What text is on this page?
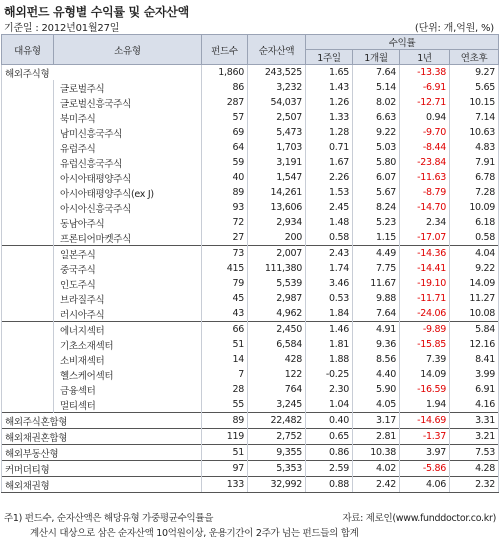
해외펀드 유형별 수익률 및 순자산액
기준일 : 2012년01월27일	(단위: 개,억원, %)
대유형	소유형	펀드수	순자산액	수익률			
				1주일	1개월	1년	연초후
해외주식형		1,860	243,525	1.65	7.64	-13.38	9.27
	글로벌주식	86	3,232	1.43	5.14	-6.91	5.65
	글로벌신흥국주식	287	54,037	1.26	8.02	-12.71	10.15
	북미주식	57	2,507	1.33	6.63	0.94	7.14
	남미신흥국주식	69	5,473	1.28	9.22	-9.70	10.63
	유럽주식	64	1,703	0.71	5.03	-8.44	4.83
	유럽신흥국주식	59	3,191	1.67	5.80	-23.84	7.91
	아시아태평양주식	40	1,547	2.26	6.07	-11.63	6.78
	아시아태평양주식(ex J)	89	14,261	1.53	5.67	-8.79	7.28
	아시아신흥국주식	93	13,606	2.45	8.24	-14.70	10.09
	동남아주식	72	2,934	1.48	5.23	2.34	6.18
	프론티어마켓주식	27	200	0.58	1.15	-17.07	0.58
	일본주식	73	2,007	2.43	4.49	-14.36	4.04
	중국주식	415	111,380	1.74	7.75	-14.41	9.22
	인도주식	79	5,539	3.46	11.67	-19.10	14.09
	브라질주식	45	2,987	0.53	9.88	-11.71	11.27
	러시아주식	43	4,962	1.84	7.64	-24.06	10.08
	에너지섹터	66	2,450	1.46	4.91	-9.89	5.84
	기초소재섹터	51	6,584	1.81	9.36	-15.85	12.16
	소비재섹터	14	428	1.88	8.56	7.39	8.41
	헬스케어섹터	7	122	-0.25	4.40	14.09	3.99
	금융섹터	28	764	2.30	5.90	-16.59	6.91
	멀티섹터	55	3,245	1.04	4.05	1.94	4.16
해외주식혼합형		89	22,482	0.40	3.17	-14.69	3.31
해외채권혼합형		119	2,752	0.65	2.81	-1.37	3.21
해외부동산형		51	9,355	0.86	10.38	3.97	7.53
커머더티형		97	5,353	2.59	4.02	-5.86	4.28
해외채권형		133	32,992	0.88	2.42	4.06	2.32
주1) 펀드수, 순자산액은 해당유형 가중평균수익률을	자료: 제로인(www.funddoctor.co.kr)
계산시 대상으로 삼은 순자산액 10억원이상, 운용기간이 2주가 넘는 펀드들의 합계
